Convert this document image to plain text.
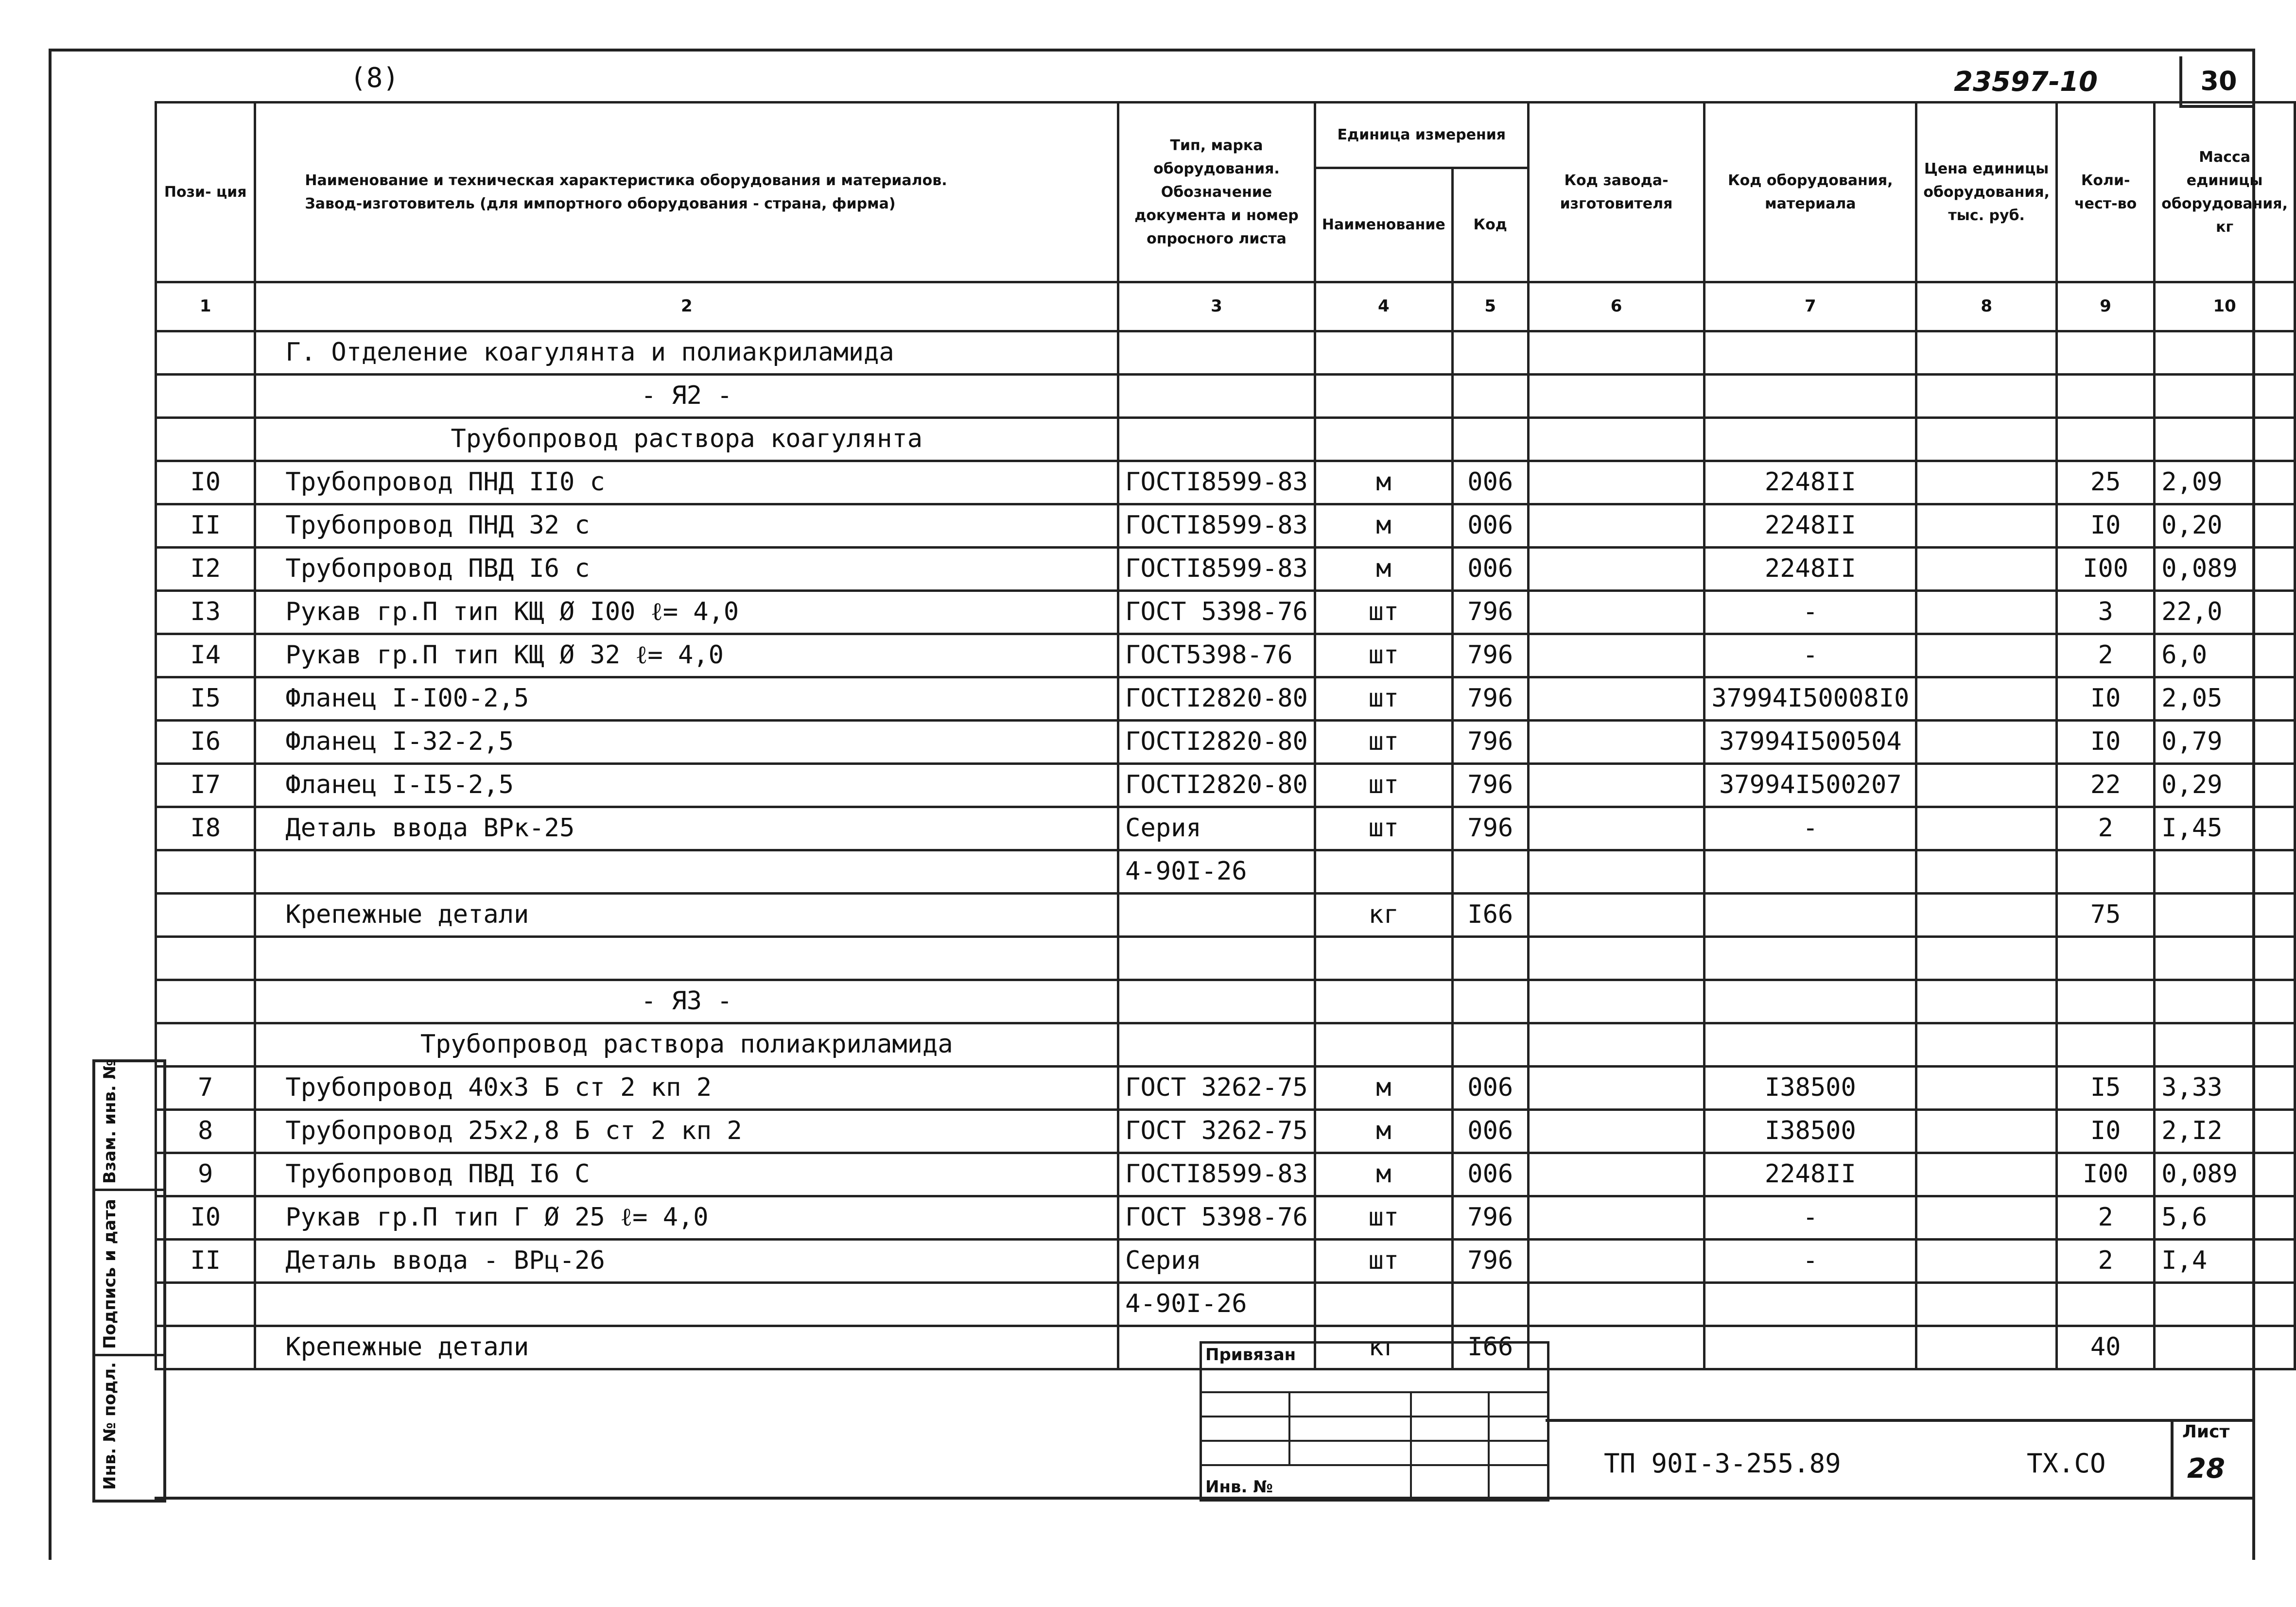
(8)	23597-10	30
Пози- ция	Наименование и техническая характеристика оборудования и материалов.
Завод-изготовитель (для импортного оборудования - страна, фирма)	Тип, марка оборудования. Обозначение документа и номер опросного листа	Единица измерения		Код завода-изготовителя	Код оборудования, материала	Цена единицы оборудования, тыс. руб.	Коли-чест-во	Масса единицы оборудования, кг
			Наименование	Код					
1	2	3	4	5	6	7	8	9	10
	Г. Отделение коагулянта и полиакриламида								
	- Я2 -								
	Трубопровод раствора коагулянта								
I0	Трубопровод ПНД II0 с	ГОСТI8599-83	м	006		2248II		25	2,09
II	Трубопровод ПНД 32 с	ГОСТI8599-83	м	006		2248II		I0	0,20
I2	Трубопровод ПВД I6 с	ГОСТI8599-83	м	006		2248II		I00	0,089
I3	Рукав гр.П тип КЩ Ø I00 ℓ= 4,0	ГОСТ 5398-76	шт	796		-		3	22,0
I4	Рукав гр.П тип КЩ Ø 32 ℓ= 4,0	ГОСТ5398-76	шт	796		-		2	6,0
I5	Фланец I-I00-2,5	ГОСТI2820-80	шт	796		37994I50008I0		I0	2,05
I6	Фланец I-32-2,5	ГОСТI2820-80	шт	796		37994I500504		I0	0,79
I7	Фланец I-I5-2,5	ГОСТI2820-80	шт	796		37994I500207		22	0,29
I8	Деталь ввода ВРк-25	Серия	шт	796		-		2	I,45
		4-90I-26							
	Крепежные детали		кг	I66				75	

	- Я3 -								
	Трубопровод раствора полиакриламида								
7	Трубопровод 40х3 Б ст 2 кп 2	ГОСТ 3262-75	м	006		I38500		I5	3,33
8	Трубопровод 25х2,8 Б ст 2 кп 2	ГОСТ 3262-75	м	006		I38500		I0	2,I2
9	Трубопровод ПВД I6 С	ГОСТI8599-83	м	006		2248II		I00	0,089
I0	Рукав гр.П тип Г Ø 25 ℓ= 4,0	ГОСТ 5398-76	шт	796		-		2	5,6
II	Деталь ввода - ВРц-26	Серия	шт	796		-		2	I,4
		4-90I-26							
	Крепежные детали		кг	I66				40	
Взам. инв. №
Подпись и дата
Инв. № подл.
Привязан
Инв. №
ТП 90I-3-255.89	ТХ.СО
Лист
28
